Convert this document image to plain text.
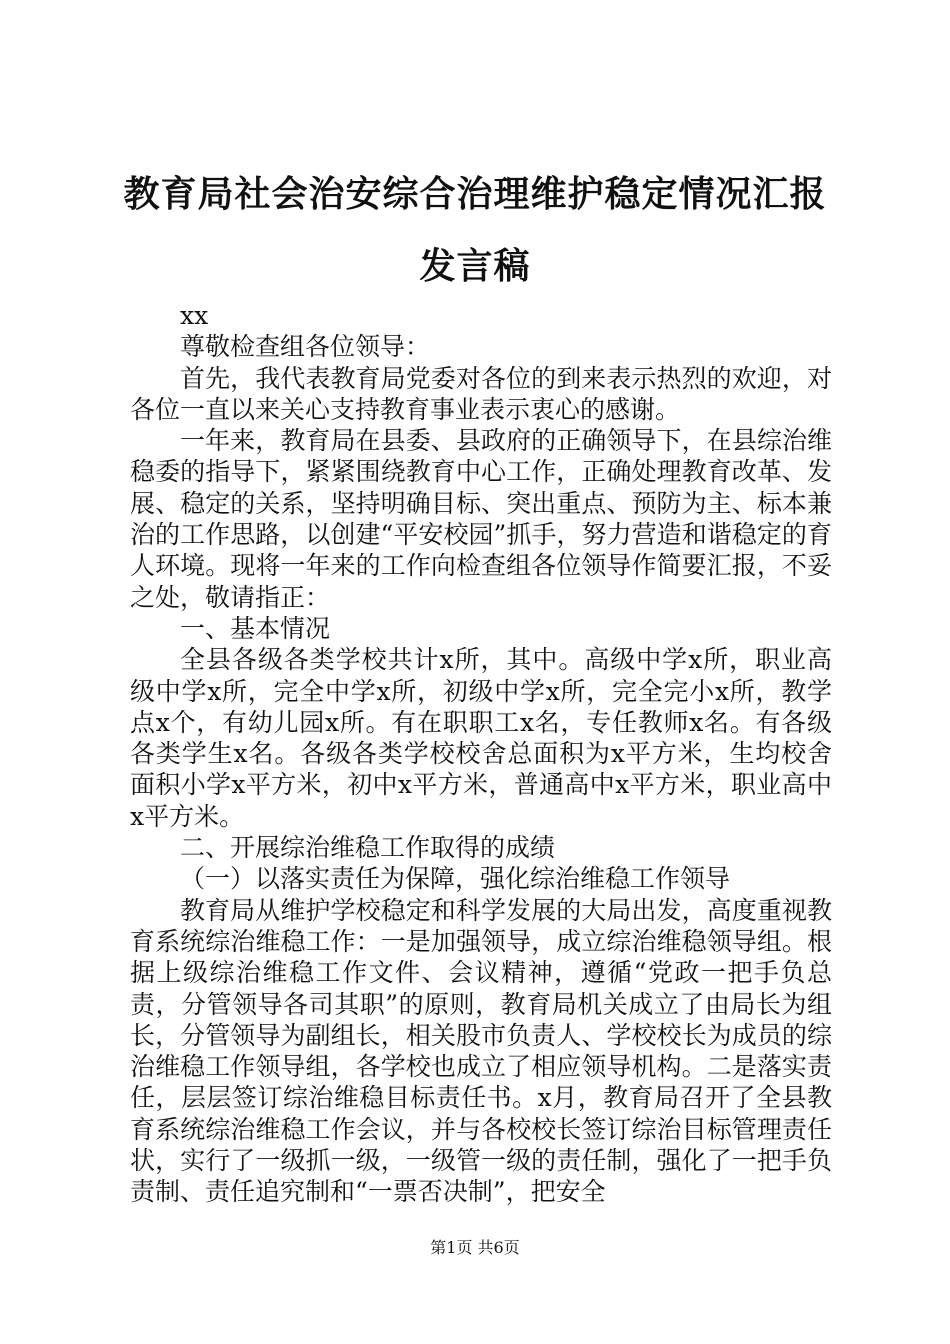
教育局社会治安综合治理维护稳定情况汇报发言稿

xx

尊敬检查组各位领导：

首先，我代表教育局党委对各位的到来表示热烈的欢迎，对各位一直以来关心支持教育事业表示衷心的感谢。

一年来，教育局在县委、县政府的正确领导下，在县综治维稳委的指导下，紧紧围绕教育中心工作，正确处理教育改革、发展、稳定的关系，坚持明确目标、突出重点、预防为主、标本兼治的工作思路，以创建“平安校园”抓手，努力营造和谐稳定的育人环境。现将一年来的工作向检查组各位领导作简要汇报，不妥之处，敬请指正：

一、基本情况

全县各级各类学校共计x所，其中。高级中学x所，职业高级中学x所，完全中学x所，初级中学x所，完全完小x所，教学点x个，有幼儿园x所。有在职职工x名，专任教师x名。有各级各类学生x名。各级各类学校校舍总面积为x平方米，生均校舍面积小学x平方米，初中x平方米，普通高中x平方米，职业高中x平方米。

二、开展综治维稳工作取得的成绩

（一）以落实责任为保障，强化综治维稳工作领导

教育局从维护学校稳定和科学发展的大局出发，高度重视教育系统综治维稳工作：一是加强领导，成立综治维稳领导组。根据上级综治维稳工作文件、会议精神，遵循“党政一把手负总责，分管领导各司其职”的原则，教育局机关成立了由局长为组长，分管领导为副组长，相关股市负责人、学校校长为成员的综治维稳工作领导组，各学校也成立了相应领导机构。二是落实责任，层层签订综治维稳目标责任书。x月，教育局召开了全县教育系统综治维稳工作会议，并与各校校长签订综治目标管理责任状，实行了一级抓一级，一级管一级的责任制，强化了一把手负责制、责任追究制和“一票否决制”，把安全

第1页 共6页
